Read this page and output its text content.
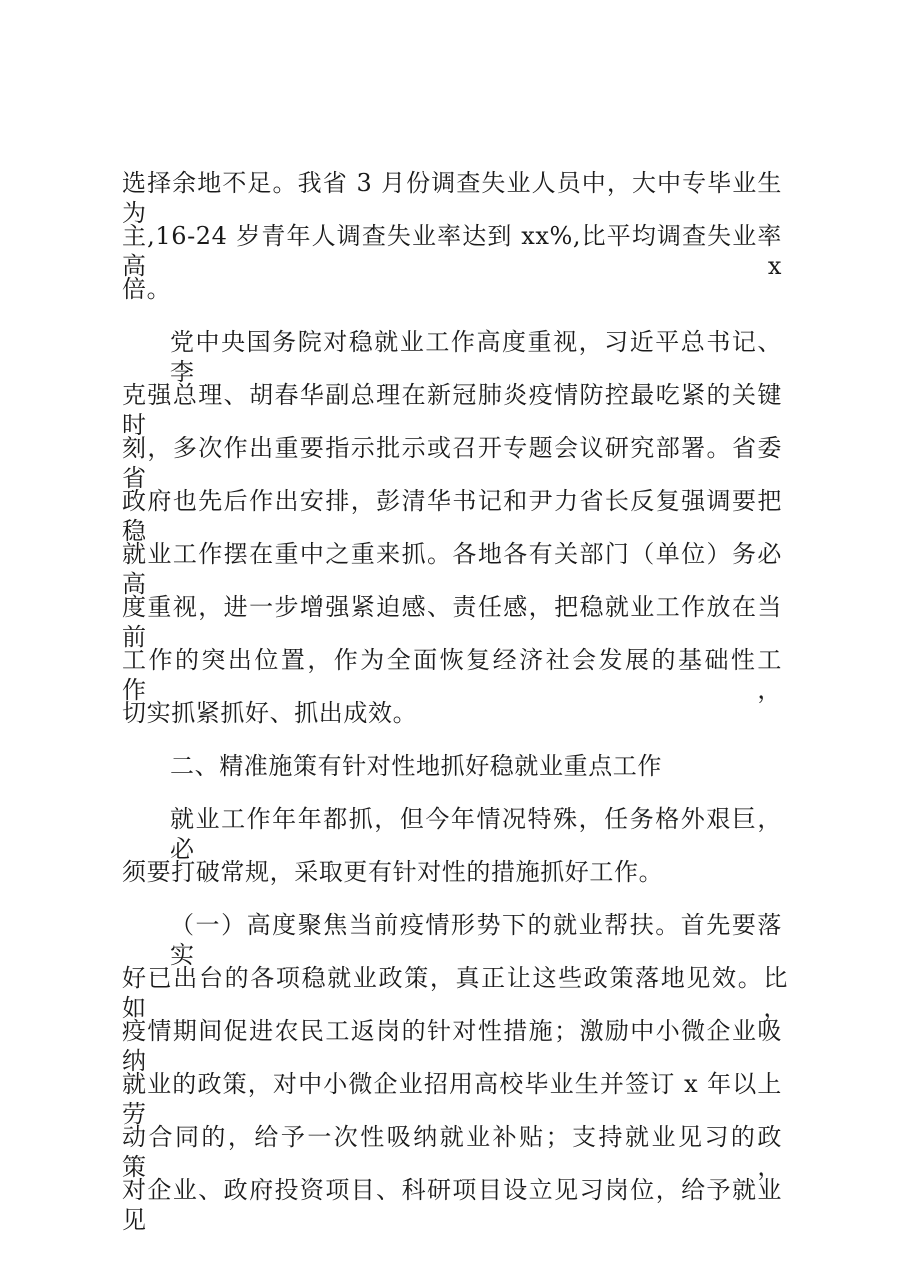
选择余地不足。我省 3 月份调查失业人员中，大中专毕业生为
主,16-24 岁青年人调查失业率达到 xx%,比平均调查失业率高 x
倍。
党中央国务院对稳就业工作高度重视，习近平总书记、李
克强总理、胡春华副总理在新冠肺炎疫情防控最吃紧的关键时
刻，多次作出重要指示批示或召开专题会议研究部署。省委省
政府也先后作出安排，彭清华书记和尹力省长反复强调要把稳
就业工作摆在重中之重来抓。各地各有关部门（单位）务必高
度重视，进一步增强紧迫感、责任感，把稳就业工作放在当前
工作的突出位置，作为全面恢复经济社会发展的基础性工作，
切实抓紧抓好、抓出成效。
二、精准施策有针对性地抓好稳就业重点工作
就业工作年年都抓，但今年情况特殊，任务格外艰巨，必
须要打破常规，采取更有针对性的措施抓好工作。
（一）高度聚焦当前疫情形势下的就业帮扶。首先要落实
好已出台的各项稳就业政策，真正让这些政策落地见效。比如，
疫情期间促进农民工返岗的针对性措施；激励中小微企业吸纳
就业的政策，对中小微企业招用高校毕业生并签订 x 年以上劳
动合同的，给予一次性吸纳就业补贴；支持就业见习的政策，
对企业、政府投资项目、科研项目设立见习岗位，给予就业见
